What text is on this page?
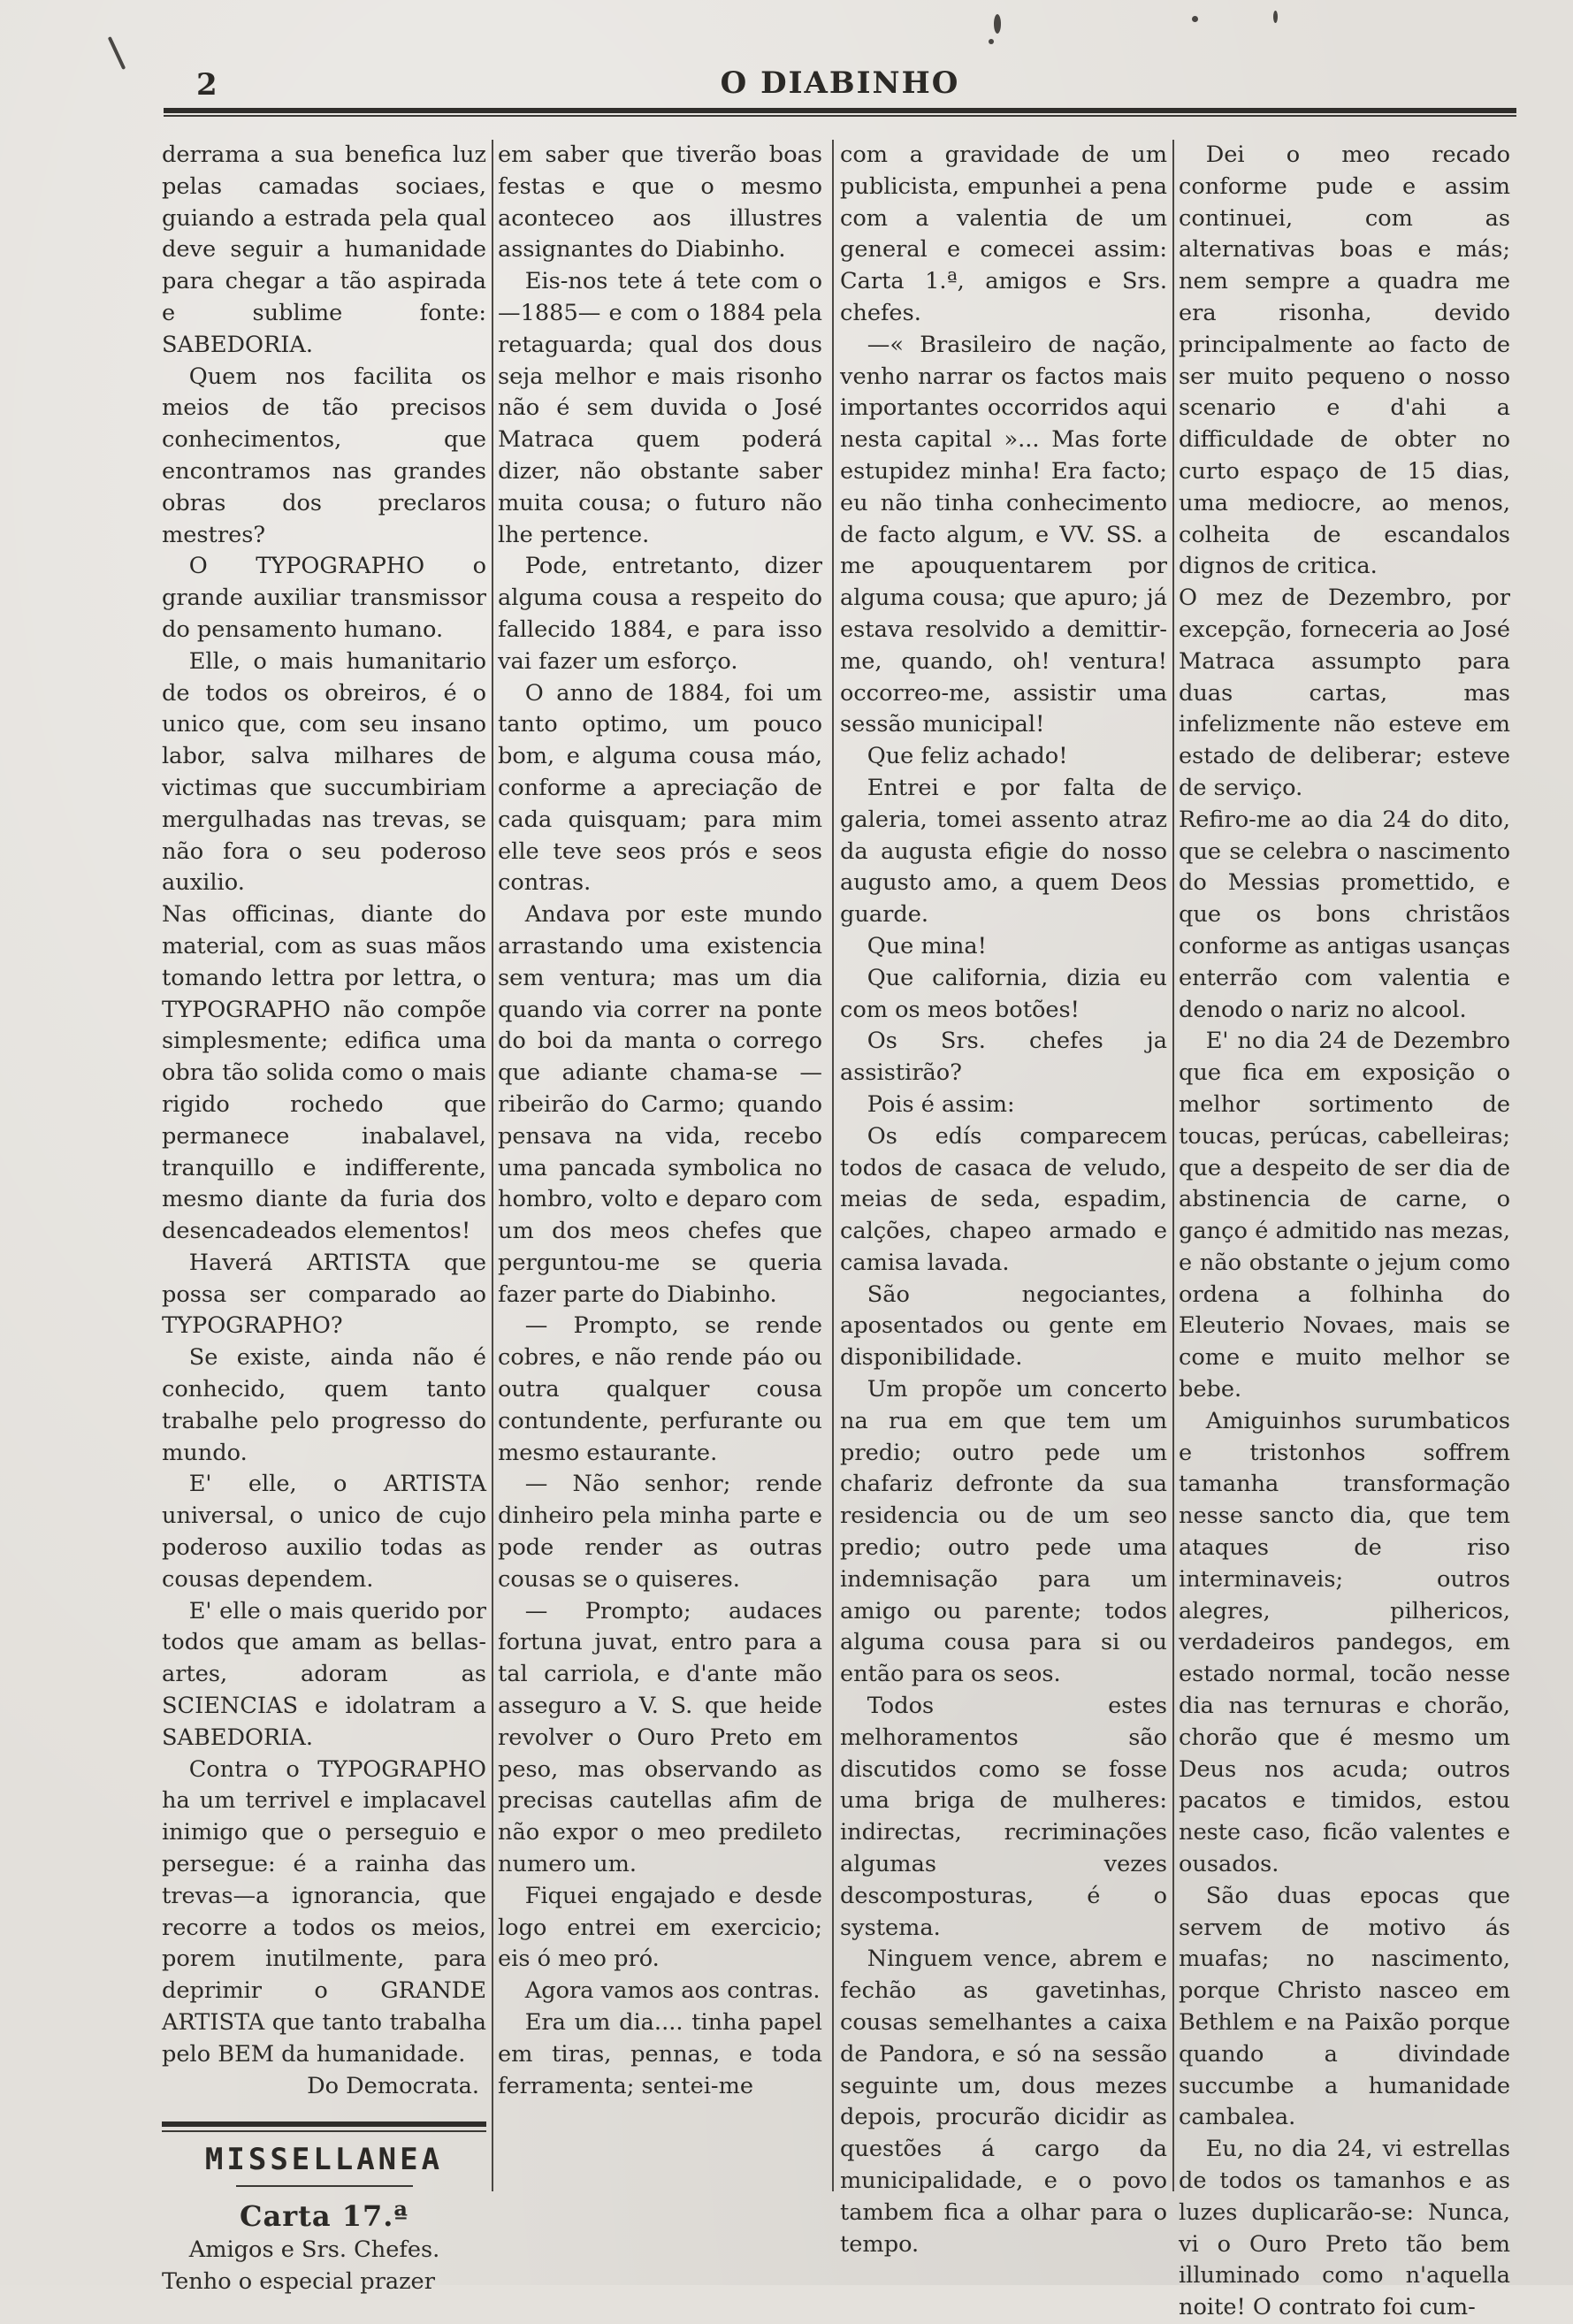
2	O DIABINHO

derrama a sua benefica luz pelas camadas sociaes, guiando a estrada pela qual deve seguir a humanidade para chegar a tão aspirada e sublime fonte: SABEDORIA.

Quem nos facilita os meios de tão precisos conhecimentos, que encontramos nas grandes obras dos preclaros mestres?

O TYPOGRAPHO o grande auxiliar transmissor do pensamento humano.

Elle, o mais humanitario de todos os obreiros, é o unico que, com seu insano labor, salva milhares de victimas que succumbiriam mergulhadas nas trevas, se não fora o seu poderoso auxilio.

Nas officinas, diante do material, com as suas mãos tomando lettra por lettra, o TYPOGRAPHO não compõe simplesmente; edifica uma obra tão solida como o mais rigido rochedo que permanece inabalavel, tranquillo e indifferente, mesmo diante da furia dos desencadeados elementos!

Haverá ARTISTA que possa ser comparado ao TYPOGRAPHO?

Se existe, ainda não é conhecido, quem tanto trabalhe pelo progresso do mundo.

E' elle, o ARTISTA universal, o unico de cujo poderoso auxilio todas as cousas dependem.

E' elle o mais querido por todos que amam as bellas-artes, adoram as SCIENCIAS e idolatram a SABEDORIA.

Contra o TYPOGRAPHO ha um terrivel e implacavel inimigo que o perseguio e persegue: é a rainha das trevas—a ignorancia, que recorre a todos os meios, porem inutilmente, para deprimir o GRANDE ARTISTA que tanto trabalha pelo BEM da humanidade.

Do Democrata.

MISSELLANEA
Carta 17.ª

Amigos e Srs. Chefes.

Tenho o especial prazer

em saber que tiverão boas festas e que o mesmo aconteceo aos illustres assignantes do Diabinho.

Eis-nos tete á tete com o —1885— e com o 1884 pela retaguarda; qual dos dous seja melhor e mais risonho não é sem duvida o José Matraca quem poderá dizer, não obstante saber muita cousa; o futuro não lhe pertence.

Pode, entretanto, dizer alguma cousa a respeito do fallecido 1884, e para isso vai fazer um esforço.

O anno de 1884, foi um tanto optimo, um pouco bom, e alguma cousa máo, conforme a apreciação de cada quisquam; para mim elle teve seos prós e seos contras.

Andava por este mundo arrastando uma existencia sem ventura; mas um dia quando via correr na ponte do boi da manta o corrego que adiante chama-se — ribeirão do Carmo; quando pensava na vida, recebo uma pancada symbolica no hombro, volto e deparo com um dos meos chefes que perguntou-me se queria fazer parte do Diabinho.

— Prompto, se rende cobres, e não rende páo ou outra qualquer cousa contundente, perfurante ou mesmo estaurante.

— Não senhor; rende dinheiro pela minha parte e pode render as outras cousas se o quiseres.

— Prompto; audaces fortuna juvat, entro para a tal carriola, e d'ante mão asseguro a V. S. que heide revolver o Ouro Preto em peso, mas observando as precisas cautellas afim de não expor o meo predileto numero um.

Fiquei engajado e desde logo entrei em exercicio; eis ó meo pró.

Agora vamos aos contras.

Era um dia.... tinha papel em tiras, pennas, e toda ferramenta; sentei-me

com a gravidade de um publicista, empunhei a pena com a valentia de um general e comecei assim: Carta 1.ª, amigos e Srs. chefes.

—« Brasileiro de nação, venho narrar os factos mais importantes occorridos aqui nesta capital »... Mas forte estupidez minha! Era facto; eu não tinha conhecimento de facto algum, e VV. SS. a me apouquentarem por alguma cousa; que apuro; já estava resolvido a demittir-me, quando, oh! ventura! occorreo-me, assistir uma sessão municipal!

Que feliz achado!

Entrei e por falta de galeria, tomei assento atraz da augusta efigie do nosso augusto amo, a quem Deos guarde.

Que mina!

Que california, dizia eu com os meos botões!

Os Srs. chefes ja assistirão?

Pois é assim:

Os edís comparecem todos de casaca de veludo, meias de seda, espadim, calções, chapeo armado e camisa lavada.

São negociantes, aposentados ou gente em disponibilidade.

Um propõe um concerto na rua em que tem um predio; outro pede um chafariz defronte da sua residencia ou de um seo predio; outro pede uma indemnisação para um amigo ou parente; todos alguma cousa para si ou então para os seos.

Todos estes melhoramentos são discutidos como se fosse uma briga de mulheres: indirectas, recriminações algumas vezes descomposturas, é o systema.

Ninguem vence, abrem e fechão as gavetinhas, cousas semelhantes a caixa de Pandora, e só na sessão seguinte um, dous mezes depois, procurão dicidir as questões á cargo da municipalidade, e o povo tambem fica a olhar para o tempo.

Dei o meo recado conforme pude e assim continuei, com as alternativas boas e más; nem sempre a quadra me era risonha, devido principalmente ao facto de ser muito pequeno o nosso scenario e d'ahi a difficuldade de obter no curto espaço de 15 dias, uma mediocre, ao menos, colheita de escandalos dignos de critica.

O mez de Dezembro, por excepção, forneceria ao José Matraca assumpto para duas cartas, mas infelizmente não esteve em estado de deliberar; esteve de serviço.

Refiro-me ao dia 24 do dito, que se celebra o nascimento do Messias promettido, e que os bons christãos conforme as antigas usanças enterrão com valentia e denodo o nariz no alcool.

E' no dia 24 de Dezembro que fica em exposição o melhor sortimento de toucas, perúcas, cabelleiras; que a despeito de ser dia de abstinencia de carne, o ganço é admitido nas mezas, e não obstante o jejum como ordena a folhinha do Eleuterio Novaes, mais se come e muito melhor se bebe.

Amiguinhos surumbaticos e tristonhos soffrem tamanha transformação nesse sancto dia, que tem ataques de riso interminaveis; outros alegres, pilhericos, verdadeiros pandegos, em estado normal, tocão nesse dia nas ternuras e chorão, chorão que é mesmo um Deus nos acuda; outros pacatos e timidos, estou neste caso, ficão valentes e ousados.

São duas epocas que servem de motivo ás muafas; no nascimento, porque Christo nasceo em Bethlem e na Paixão porque quando a divindade succumbe a humanidade cambalea.

Eu, no dia 24, vi estrellas de todos os tamanhos e as luzes duplicarão-se: Nunca, vi o Ouro Preto tão bem illuminado como n'aquella noite! O contrato foi cum-
